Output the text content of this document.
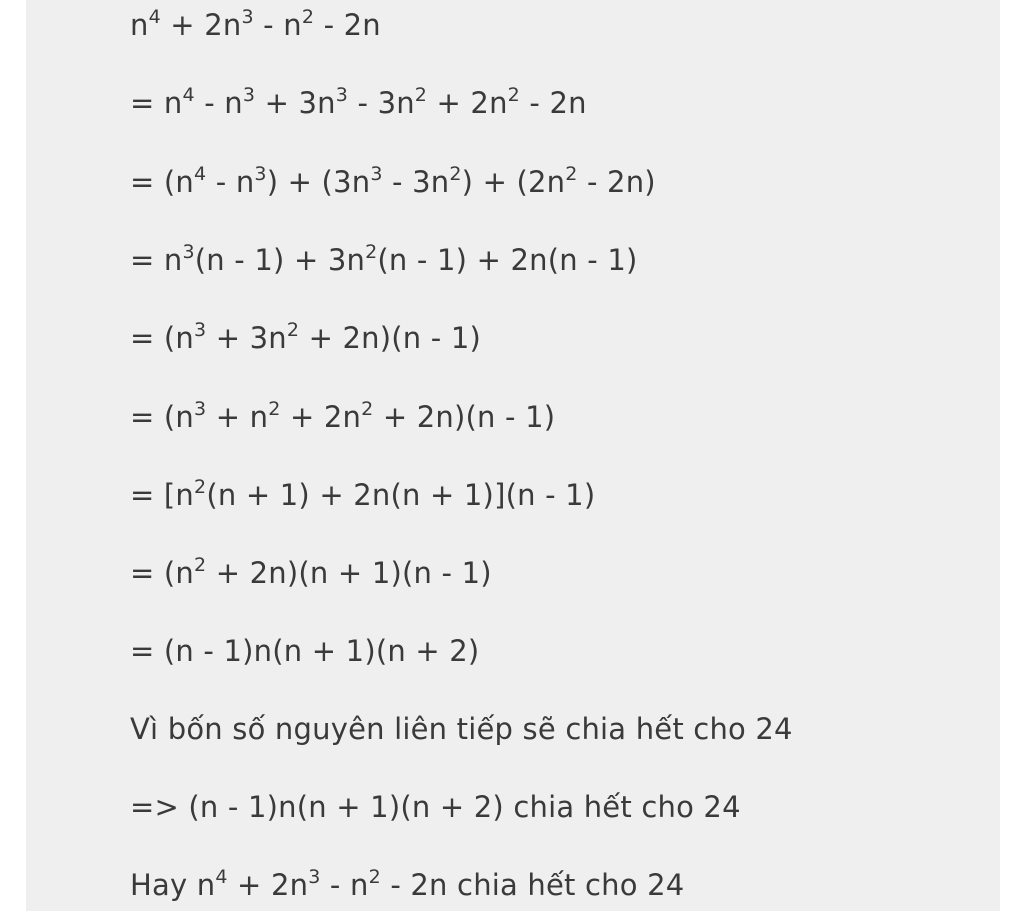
$n^4 + 2n^3 - n^2 - 2n$
= $n^4 - n^3 + 3n^3 - 3n^2 + 2n^2 - 2n$
= $(n^4 - n^3) + (3n^3 - 3n^2) + (2n^2 - 2n)$
= $n^3(n - 1) + 3n^2(n - 1) + 2n(n - 1)$
= $(n^3 + 3n^2 + 2n)(n - 1)$
= $(n^3 + n^2 + 2n^2 + 2n)(n - 1)$
= $[n^2(n + 1) + 2n(n + 1)](n - 1)$
= $(n^2 + 2n)(n + 1)(n - 1)$
= (n - 1)n(n + 1)(n + 2)
Vì bốn số nguyên liên tiếp sẽ chia hết cho 24
=> (n - 1)n(n + 1)(n + 2) chia hết cho 24
Hay $n^4 + 2n^3 - n^2 - 2n$ chia hết cho 24
